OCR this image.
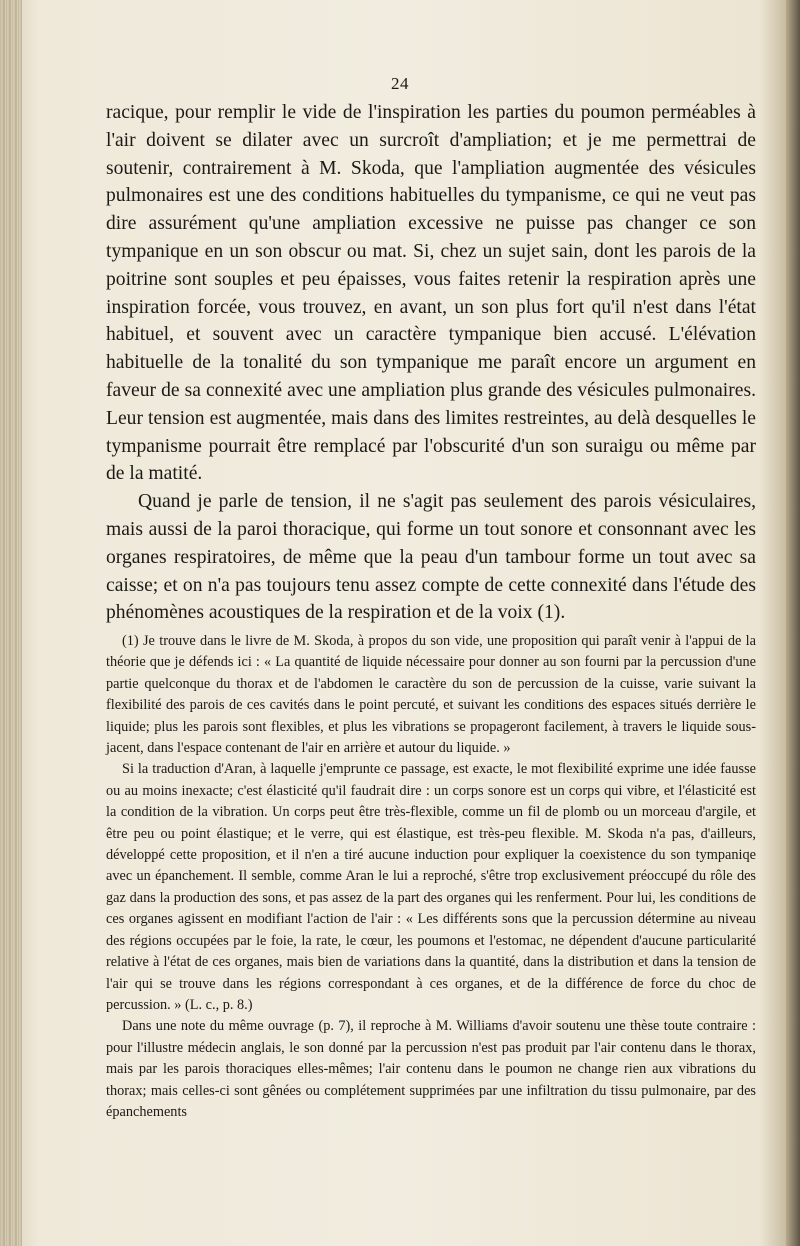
24

racique, pour remplir le vide de l'inspiration les parties du poumon perméables à l'air doivent se dilater avec un surcroît d'ampliation; et je me permettrai de soutenir, contrairement à M. Skoda, que l'ampliation augmentée des vésicules pulmonaires est une des conditions habituelles du tympanisme, ce qui ne veut pas dire assurément qu'une ampliation excessive ne puisse pas changer ce son tympanique en un son obscur ou mat. Si, chez un sujet sain, dont les parois de la poitrine sont souples et peu épaisses, vous faites retenir la respiration après une inspiration forcée, vous trouvez, en avant, un son plus fort qu'il n'est dans l'état habituel, et souvent avec un caractère tympanique bien accusé. L'élévation habituelle de la tonalité du son tympanique me paraît encore un argument en faveur de sa connexité avec une ampliation plus grande des vésicules pulmonaires. Leur tension est augmentée, mais dans des limites restreintes, au delà desquelles le tympanisme pourrait être remplacé par l'obscurité d'un son suraigu ou même par de la matité.

Quand je parle de tension, il ne s'agit pas seulement des parois vésiculaires, mais aussi de la paroi thoracique, qui forme un tout sonore et consonnant avec les organes respiratoires, de même que la peau d'un tambour forme un tout avec sa caisse; et on n'a pas toujours tenu assez compte de cette connexité dans l'étude des phénomènes acoustiques de la respiration et de la voix (1).

(1) Je trouve dans le livre de M. Skoda, à propos du son vide, une proposition qui paraît venir à l'appui de la théorie que je défends ici : « La quantité de liquide nécessaire pour donner au son fourni par la percussion d'une partie quelconque du thorax et de l'abdomen le caractère du son de percussion de la cuisse, varie suivant la flexibilité des parois de ces cavités dans le point percuté, et suivant les conditions des espaces situés derrière le liquide; plus les parois sont flexibles, et plus les vibrations se propageront facilement, à travers le liquide sous-jacent, dans l'espace contenant de l'air en arrière et autour du liquide. »

Si la traduction d'Aran, à laquelle j'emprunte ce passage, est exacte, le mot flexibilité exprime une idée fausse ou au moins inexacte; c'est élasticité qu'il faudrait dire : un corps sonore est un corps qui vibre, et l'élasticité est la condition de la vibration. Un corps peut être très-flexible, comme un fil de plomb ou un morceau d'argile, et être peu ou point élastique; et le verre, qui est élastique, est très-peu flexible. M. Skoda n'a pas, d'ailleurs, développé cette proposition, et il n'en a tiré aucune induction pour expliquer la coexistence du son tympaniqe avec un épanchement. Il semble, comme Aran le lui a reproché, s'être trop exclusivement préoccupé du rôle des gaz dans la production des sons, et pas assez de la part des organes qui les renferment. Pour lui, les conditions de ces organes agissent en modifiant l'action de l'air : « Les différents sons que la percussion détermine au niveau des régions occupées par le foie, la rate, le cœur, les poumons et l'estomac, ne dépendent d'aucune particularité relative à l'état de ces organes, mais bien de variations dans la quantité, dans la distribution et dans la tension de l'air qui se trouve dans les régions correspondant à ces organes, et de la différence de force du choc de percussion. » (L. c., p. 8.)

Dans une note du même ouvrage (p. 7), il reproche à M. Williams d'avoir soutenu une thèse toute contraire : pour l'illustre médecin anglais, le son donné par la percussion n'est pas produit par l'air contenu dans le thorax, mais par les parois thoraciques elles-mêmes; l'air contenu dans le poumon ne change rien aux vibrations du thorax; mais celles-ci sont gênées ou complétement supprimées par une infiltration du tissu pulmonaire, par des épanchements
